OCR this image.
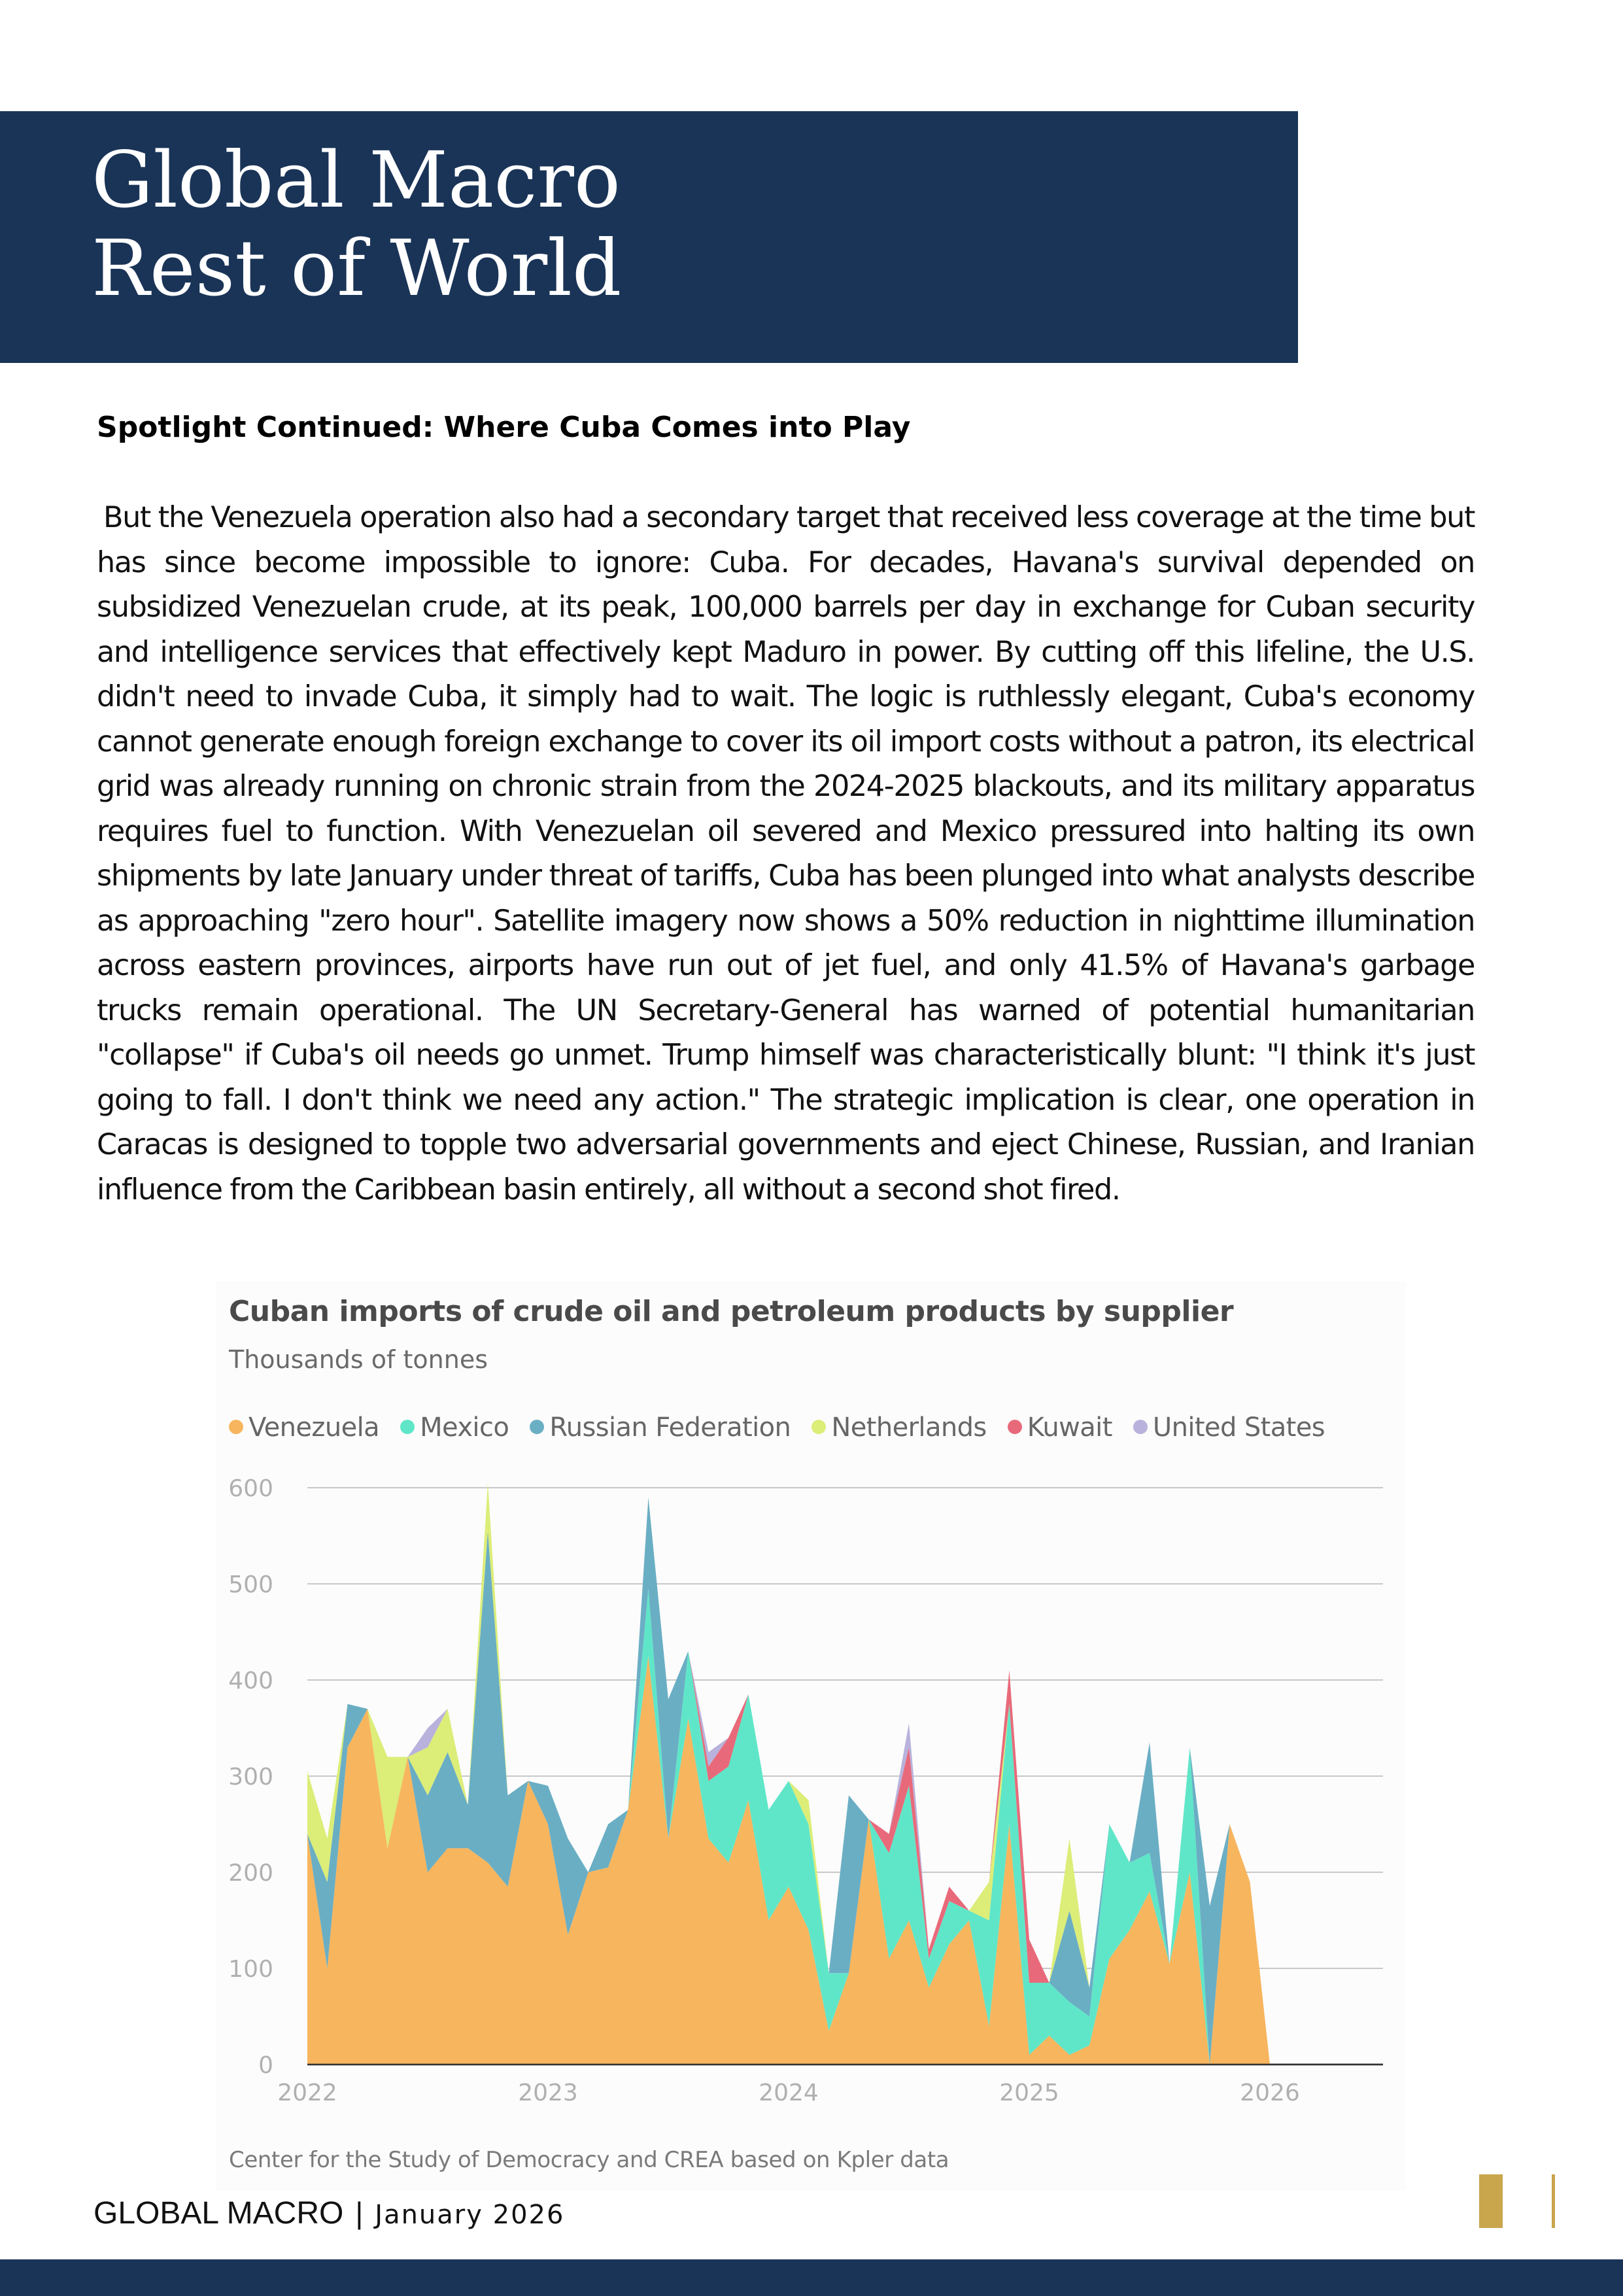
Global Macro
Rest of World
Spotlight Continued: Where Cuba Comes into Play

But the Venezuela operation also had a secondary target that received less coverage at the time but has since become impossible to ignore: Cuba. For decades, Havana's survival depended on subsidized Venezuelan crude, at its peak, 100,000 barrels per day in exchange for Cuban security and intelligence services that effectively kept Maduro in power. By cutting off this lifeline, the U.S. didn't need to invade Cuba, it simply had to wait. The logic is ruthlessly elegant, Cuba's economy cannot generate enough foreign exchange to cover its oil import costs without a patron, its electrical grid was already running on chronic strain from the 2024-2025 blackouts, and its military apparatus requires fuel to function. With Venezuelan oil severed and Mexico pressured into halting its own shipments by late January under threat of tariffs, Cuba has been plunged into what analysts describe as approaching "zero hour". Satellite imagery now shows a 50% reduction in nighttime illumination across eastern provinces, airports have run out of jet fuel, and only 41.5% of Havana's garbage trucks remain operational. The UN Secretary-General has warned of potential humanitarian "collapse" if Cuba's oil needs go unmet. Trump himself was characteristically blunt: "I think it's just going to fall. I don't think we need any action." The strategic implication is clear, one operation in Caracas is designed to topple two adversarial governments and eject Chinese, Russian, and Iranian influence from the Caribbean basin entirely, all without a second shot fired.

Cuban imports of crude oil and petroleum products by supplier
Thousands of tonnes
Venezuela Mexico Russian Federation Netherlands Kuwait United States
0
100
200
300
400
500
600
2022	2023	2024	2025	2026
Center for the Study of Democracy and CREA based on Kpler data
GLOBAL MACRO | January 2026
